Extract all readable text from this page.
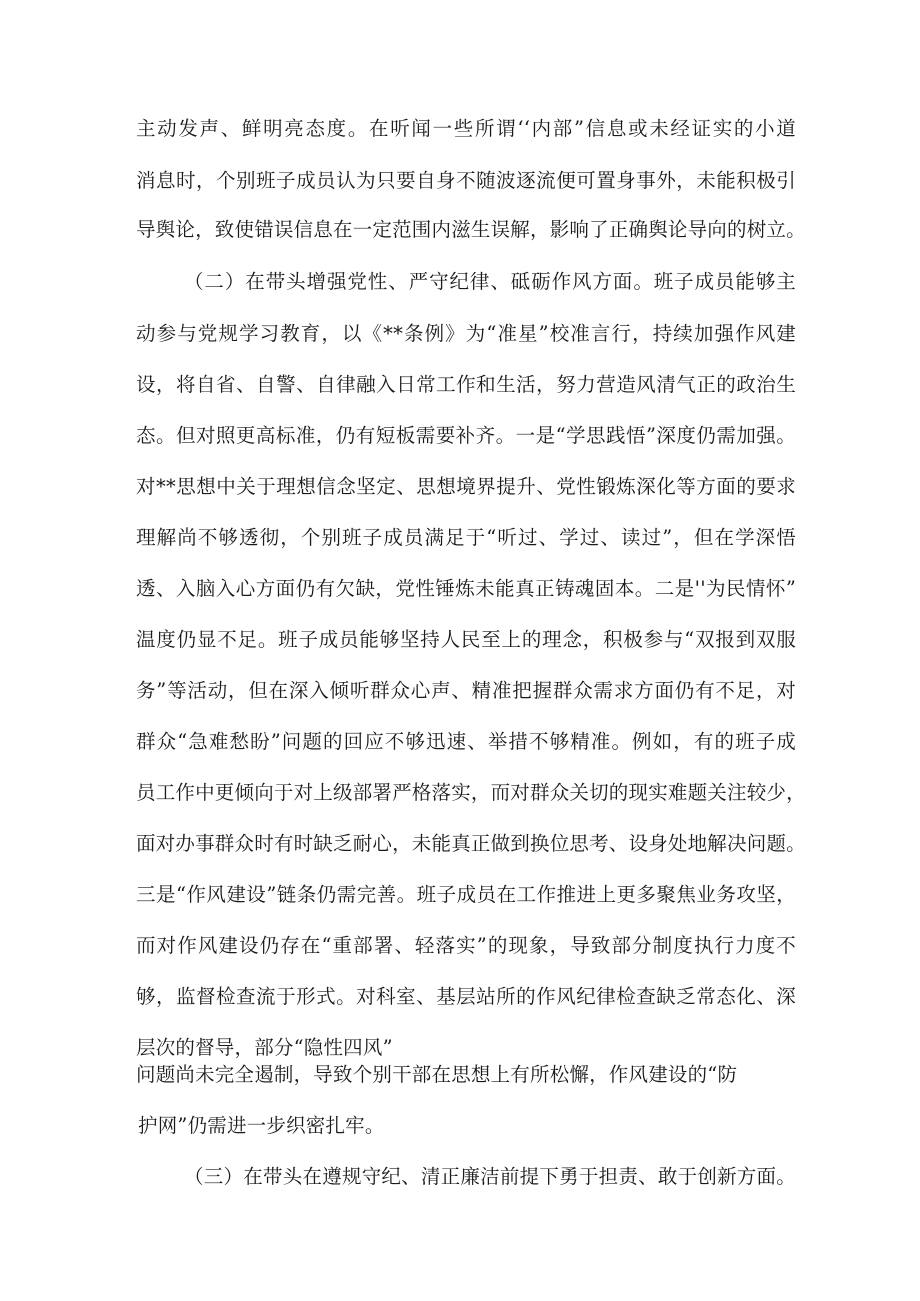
主动发声、鲜明亮态度。在听闻一些所谓‘‘内部”信息或未经证实的小道
消息时，个别班子成员认为只要自身不随波逐流便可置身事外，未能积极引
导舆论，致使错误信息在一定范围内滋生误解，影响了正确舆论导向的树立。
（二）在带头增强党性、严守纪律、砥砺作风方面。班子成员能够主
动参与党规学习教育，以《**条例》为“准星”校准言行，持续加强作风建
设，将自省、自警、自律融入日常工作和生活，努力营造风清气正的政治生
态。但对照更高标准，仍有短板需要补齐。一是“学思践悟”深度仍需加强。
对**思想中关于理想信念坚定、思想境界提升、党性锻炼深化等方面的要求
理解尚不够透彻，个别班子成员满足于“听过、学过、读过”，但在学深悟
透、入脑入心方面仍有欠缺，党性锤炼未能真正铸魂固本。二是''为民情怀”
温度仍显不足。班子成员能够坚持人民至上的理念，积极参与“双报到双服
务”等活动，但在深入倾听群众心声、精准把握群众需求方面仍有不足，对
群众“急难愁盼”问题的回应不够迅速、举措不够精准。例如，有的班子成
员工作中更倾向于对上级部署严格落实，而对群众关切的现实难题关注较少，
面对办事群众时有时缺乏耐心，未能真正做到换位思考、设身处地解决问题。
三是“作风建设”链条仍需完善。班子成员在工作推进上更多聚焦业务攻坚，
而对作风建设仍存在“重部署、轻落实”的现象，导致部分制度执行力度不
够，监督检查流于形式。对科室、基层站所的作风纪律检查缺乏常态化、深
层次的督导，部分“隐性四风”
问题尚未完全遏制，导致个别干部在思想上有所松懈，作风建设的“防
护网”仍需进一步织密扎牢。
（三）在带头在遵规守纪、清正廉洁前提下勇于担责、敢于创新方面。
